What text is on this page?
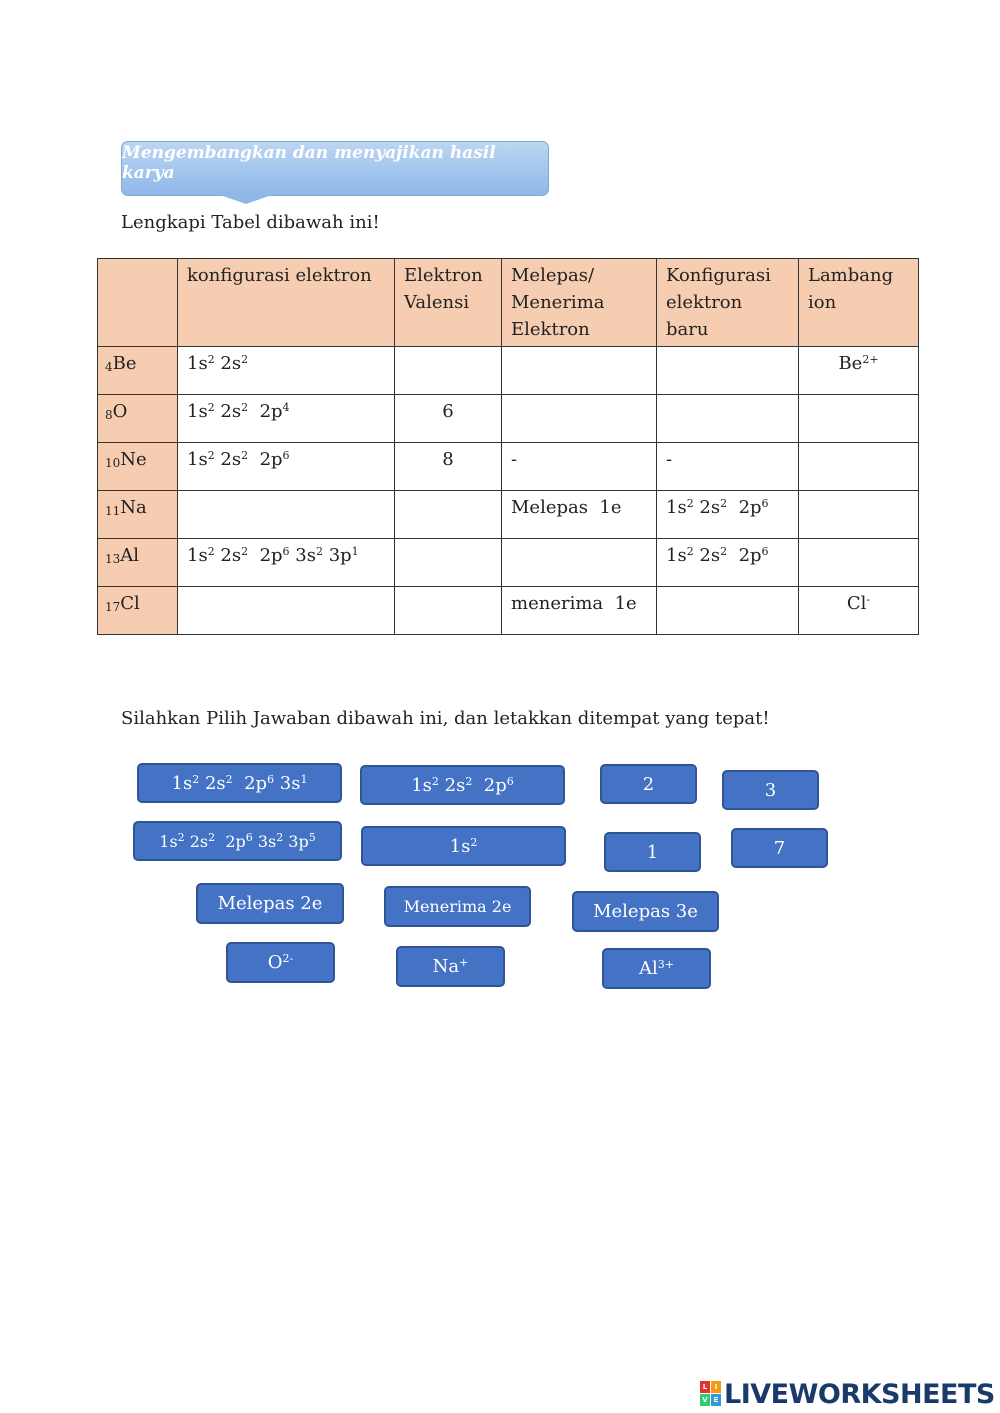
Mengembangkan dan menyajikan hasil karya
Lengkapi Tabel dibawah ini!
	konfigurasi elektron	Elektron Valensi	Melepas/ Menerima Elektron	Konfigurasi elektron baru	Lambang ion
$_4$Be	$1s^2$ $2s^2$				$Be^{2+}$
$_8$O	$1s^2$ $2s^2$  $2p^4$	6			
$_{10}$Ne	$1s^2$ $2s^2$  $2p^6$	8	-	-	
$_{11}$Na			Melepas  1e	$1s^2$ $2s^2$  $2p^6$	
$_{13}$Al	$1s^2$ $2s^2$  $2p^6$ $3s^2$ $3p^1$			$1s^2$ $2s^2$  $2p^6$	
$_{17}$Cl			menerima  1e		Cl-
Silahkan Pilih Jawaban dibawah ini, dan letakkan ditempat yang tepat!
$1s^2$ $2s^2$  $2p^6$ $3s^1$	$1s^2$ $2s^2$  $2p^6$	2	3
$1s^2$ $2s^2$  $2p^6$ $3s^2$ $3p^5$	$1s^2$	1	7
Melepas 2e	Menerima 2e	Melepas 3e
$O^{2-}$	Na+	$Al^{3+}$
L	I
V E LIVEWORKSHEETS
